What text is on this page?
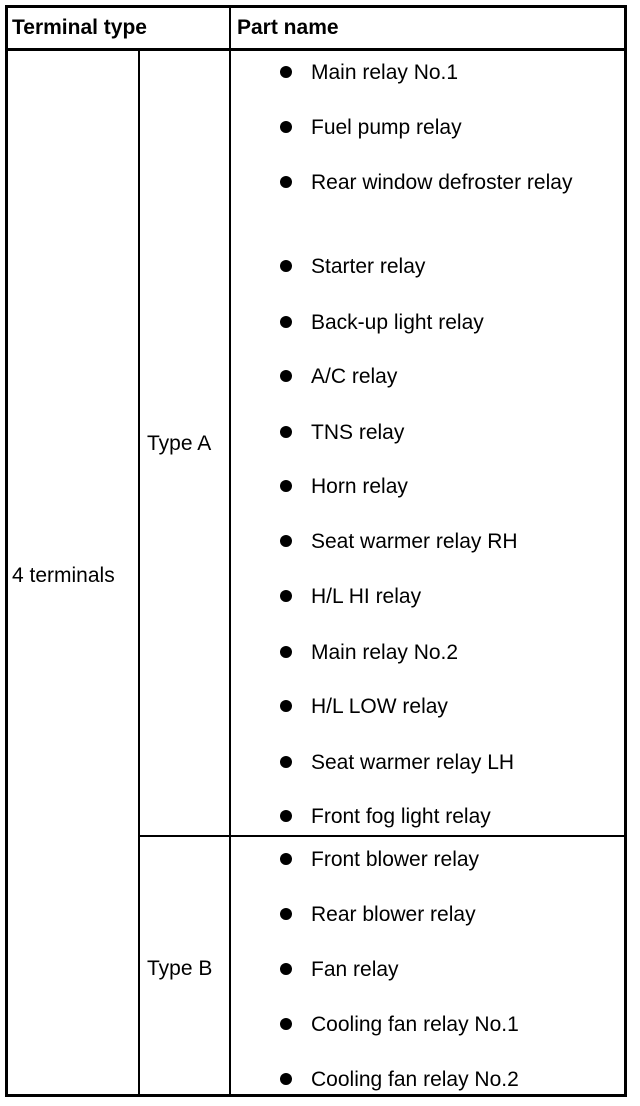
Terminal type	Part name
4 terminals
Type A
Type B
Main relay No.1
Fuel pump relay
Rear window defroster relay
Starter relay
Back-up light relay
A/C relay
TNS relay
Horn relay
Seat warmer relay RH
H/L HI relay
Main relay No.2
H/L LOW relay
Seat warmer relay LH
Front fog light relay
Front blower relay
Rear blower relay
Fan relay
Cooling fan relay No.1
Cooling fan relay No.2
